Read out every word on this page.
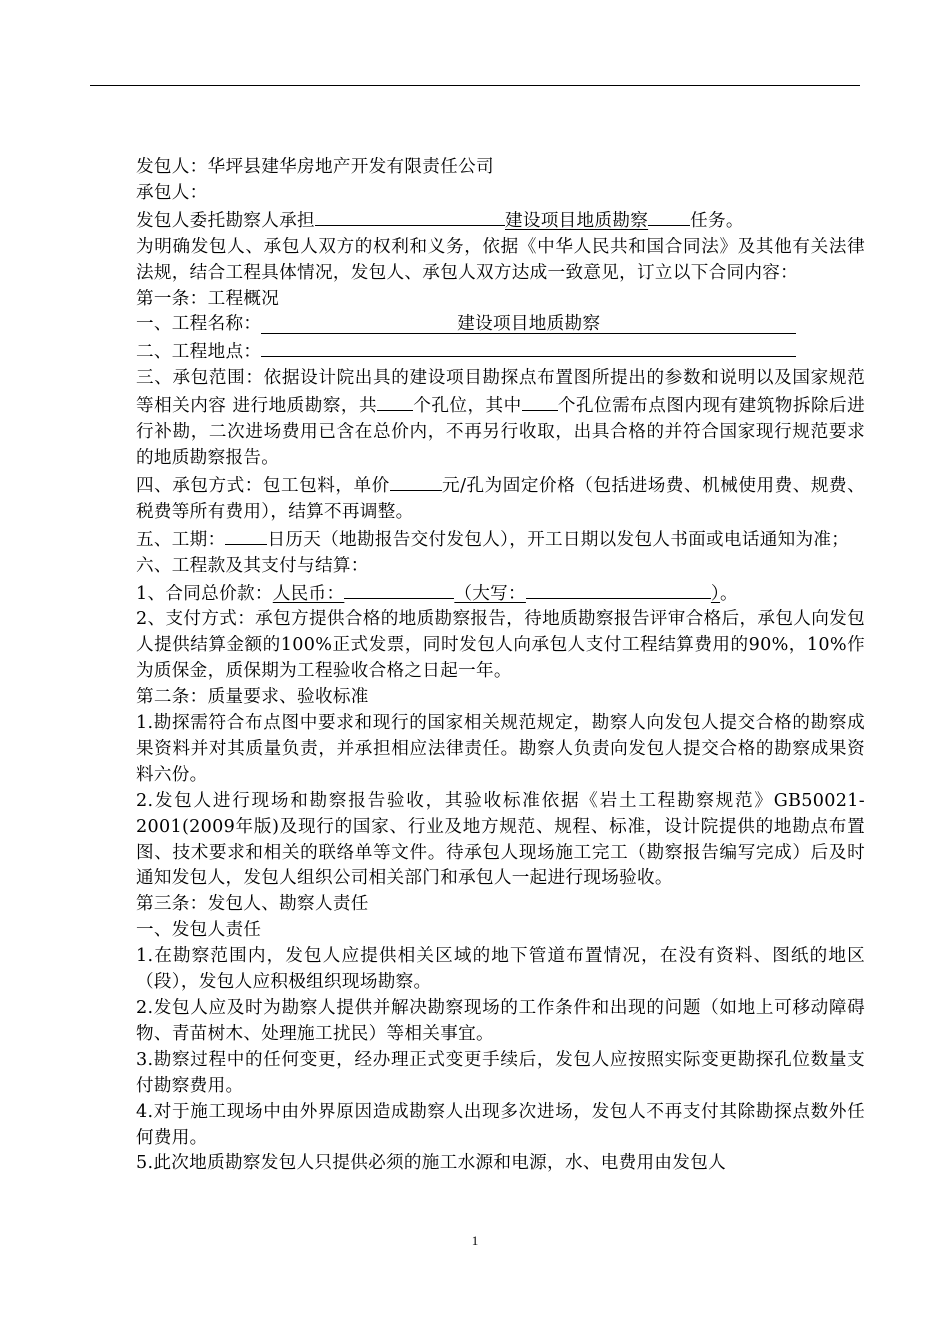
发包人：华坪县建华房地产开发有限责任公司

承包人：

发包人委托勘察人承担	建设项目地质勘察 任务。

为明确发包人、承包人双方的权利和义务，依据《中华人民共和国合同法》及其他有关法律法规，结合工程具体情况，发包人、承包人双方达成一致意见，订立以下合同内容：

第一条：工程概况

一、工程名称：	建设项目地质勘察

二、工程地点：

三、承包范围：依据设计院出具的建设项目勘探点布置图所提出的参数和说明以及国家规范等相关内容 进行地质勘察，共 个孔位，其中 个孔位需布点图内现有建筑物拆除后进行补勘，二次进场费用已含在总价内，不再另行收取，出具合格的并符合国家现行规范要求的地质勘察报告。

四、承包方式：包工包料，单价	元/孔为固定价格（包括进场费、机械使用费、规费、税费等所有费用），结算不再调整。

五、工期： 日历天（地勘报告交付发包人），开工日期以发包人书面或电话通知为准；

六、工程款及其支付与结算：

1、合同总价款：人民币：	（大写：	）。

2、支付方式：承包方提供合格的地质勘察报告，待地质勘察报告评审合格后，承包人向发包人提供结算金额的100%正式发票，同时发包人向承包人支付工程结算费用的90%，10%作为质保金，质保期为工程验收合格之日起一年。

第二条：质量要求、验收标准

1.勘探需符合布点图中要求和现行的国家相关规范规定，勘察人向发包人提交合格的勘察成果资料并对其质量负责，并承担相应法律责任。勘察人负责向发包人提交合格的勘察成果资料六份。

2.发包人进行现场和勘察报告验收，其验收标准依据《岩土工程勘察规范》GB50021-2001(2009年版)及现行的国家、行业及地方规范、规程、标准，设计院提供的地勘点布置图、技术要求和相关的联络单等文件。待承包人现场施工完工（勘察报告编写完成）后及时通知发包人，发包人组织公司相关部门和承包人一起进行现场验收。

第三条：发包人、勘察人责任

一、发包人责任

1.在勘察范围内，发包人应提供相关区域的地下管道布置情况，在没有资料、图纸的地区（段），发包人应积极组织现场勘察。

2.发包人应及时为勘察人提供并解决勘察现场的工作条件和出现的问题（如地上可移动障碍物、青苗树木、处理施工扰民）等相关事宜。

3.勘察过程中的任何变更，经办理正式变更手续后，发包人应按照实际变更勘探孔位数量支付勘察费用。

4.对于施工现场中由外界原因造成勘察人出现多次进场，发包人不再支付其除勘探点数外任何费用。

5.此次地质勘察发包人只提供必须的施工水源和电源，水、电费用由发包人

1
